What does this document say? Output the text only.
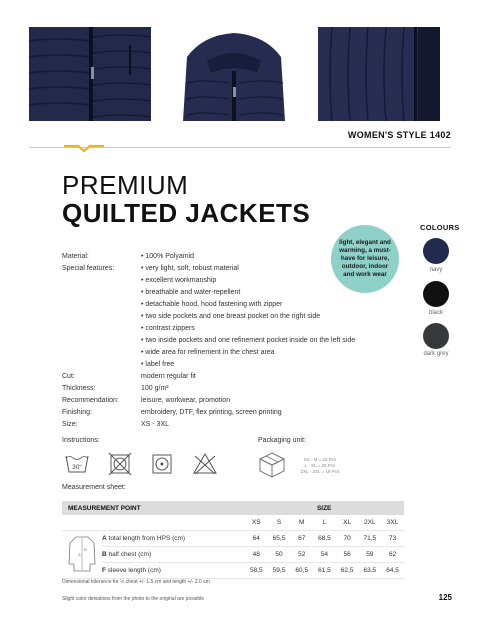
WOMEN'S STYLE 1402
PREMIUM
QUILTED JACKETS
light, elegant and warming, a must-have for leisure, outdoor, indoor and work wear
COLOURS
navy
black
dark grey
Material:	• 100% Polyamid
Special features:	• very light, soft, robust material
• excellent workmanship
• breathable and water-repellent
• detachable hood, hood fastening with zipper
• two side pockets and one breast pocket on the right side
• contrast zippers
• two inside pockets and one refinement pocket inside on the left side
• wide area for refinement in the chest area
• label free
Cut:	modern regular fit
Thickness:	100 g/m²
Recommendation:	leisure, workwear, promotion
Finishing:	embroidery, DTF, flex printing, screen printing
Size:	XS - 3XL
Instructions:
30°
Packaging unit:
XS - M = 22 Pcs
L - XL = 20 Pcs
2XL - 3XL = 18 Pcs
Measurement sheet:
MEASUREMENT POINT		SIZE						
		XS	S	M	L	XL	2XL	3XL

A
B	A total length from HPS (cm)	64	65,5	67	68,5	70	71,5	73
	B half chest (cm)	48	50	52	54	56	59	62
	F sleeve length (cm)	58,5	59,5	60,5	61,5	62,5	63,5	64,5
Dimensional tolerance for ½ chest +/- 1.5 cm and length +/- 2.0 cm
Slight color deviations from the photo to the original are possible	125
